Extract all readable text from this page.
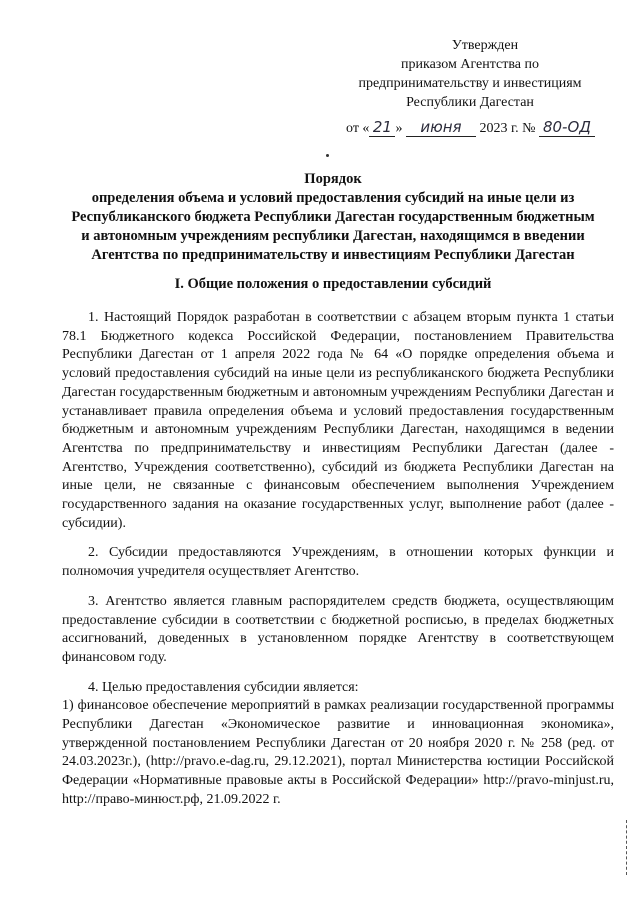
Утвержден
приказом Агентства по
предпринимательству и инвестициям
Республики Дагестан
от « 21 » июня 2023 г. № 80-ОД
Порядок
определения объема и условий предоставления субсидий на иные цели из
Республиканского бюджета Республики Дагестан государственным бюджетным
и автономным учреждениям республики Дагестан, находящимся в введении
Агентства по предпринимательству и инвестициям Республики Дагестан
I. Общие положения о предоставлении субсидий

1. Настоящий Порядок разработан в соответствии с абзацем вторым пункта 1 статьи 78.1 Бюджетного кодекса Российской Федерации, постановлением Правительства Республики Дагестан от 1 апреля 2022 года № 64 «О порядке определения объема и условий предоставления субсидий на иные цели из республиканского бюджета Республики Дагестан государственным бюджетным и автономным учреждениям Республики Дагестан и устанавливает правила определения объема и условий предоставления государственным бюджетным и автономным учреждениям Республики Дагестан, находящимся в ведении Агентства по предпринимательству и инвестициям Республики Дагестан (далее - Агентство, Учреждения соответственно), субсидий из бюджета Республики Дагестан на иные цели, не связанные с финансовым обеспечением выполнения Учреждением государственного задания на оказание государственных услуг, выполнение работ (далее - субсидии).

2. Субсидии предоставляются Учреждениям, в отношении которых функции и полномочия учредителя осуществляет Агентство.

3. Агентство является главным распорядителем средств бюджета, осуществляющим предоставление субсидии в соответствии с бюджетной росписью, в пределах бюджетных ассигнований, доведенных в установленном порядке Агентству в соответствующем финансовом году.

4. Целью предоставления субсидии является:

1) финансовое обеспечение мероприятий в рамках реализации государственной программы Республики Дагестан «Экономическое развитие и инновационная экономика», утвержденной постановлением Республики Дагестан от 20 ноября 2020 г. № 258 (ред. от 24.03.2023г.), (http://pravo.e-dag.ru, 29.12.2021), портал Министерства юстиции Российской Федерации «Нормативные правовые акты в Российской Федерации» http://pravo-minjust.ru, http://право-минюст.рф, 21.09.2022 г.
